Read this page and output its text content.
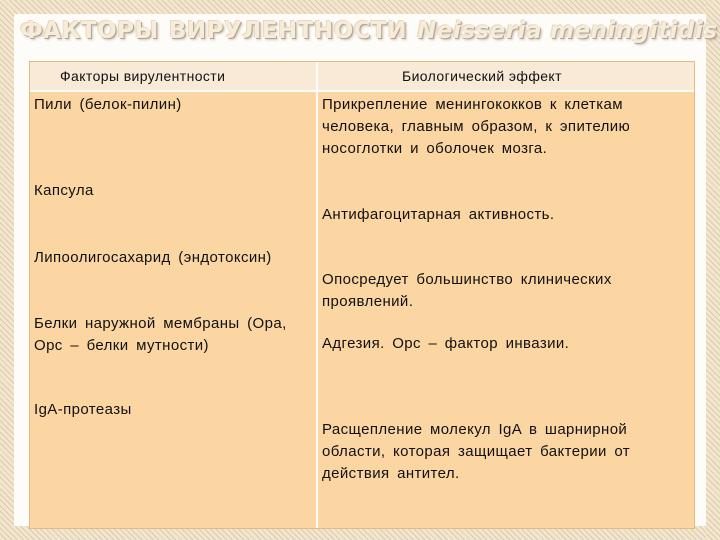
ФАКТОРЫ ВИРУЛЕНТНОСТИ Neisseria meningitidis
Факторы вирулентности	Биологический эффект
Пили (белок-пилин)
Капсула
Липоолигосахарид (эндотоксин)
Белки наружной мембраны (Opa, Opc – белки мутности)
IgA-протеазы
Прикрепление менингококков к клеткам человека, главным образом, к эпителию носоглотки и оболочек мозга.
Антифагоцитарная активность.
Опосредует большинство клинических проявлений.
Адгезия. Opc – фактор инвазии.
Расщепление молекул IgA в шарнирной области, которая защищает бактерии от действия антител.
